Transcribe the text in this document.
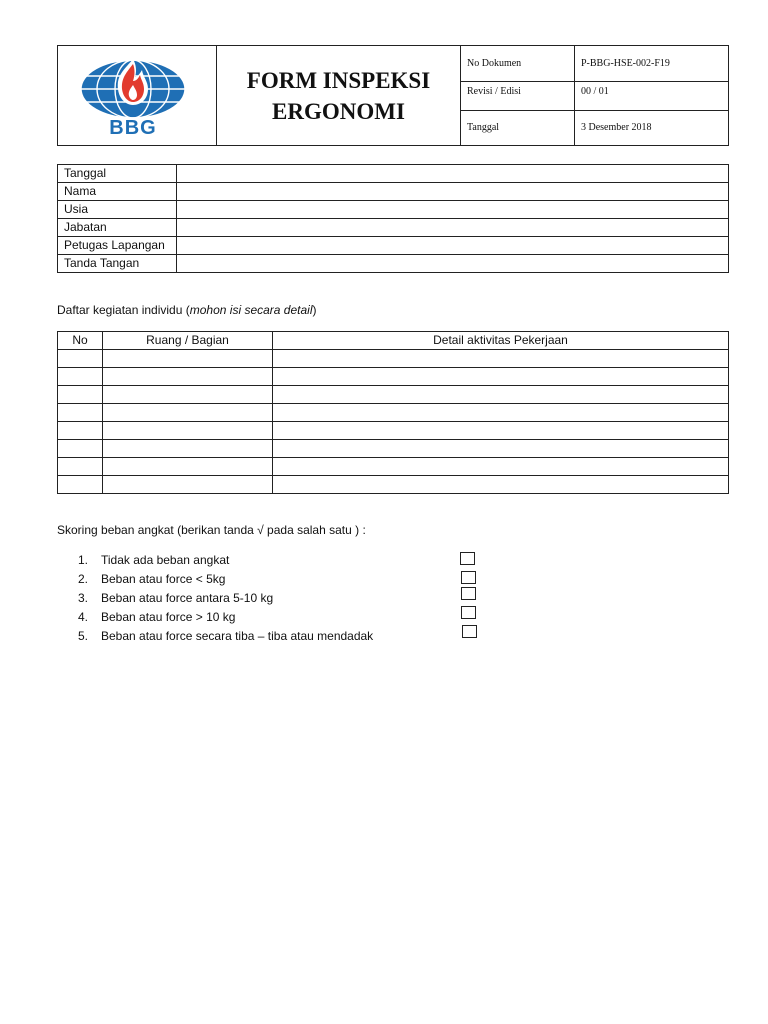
BBG	FORM INSPEKSI
ERGONOMI	No Dokumen	P-BBG-HSE-002-F19
		Revisi / Edisi	00 / 01
		Tanggal	3 Desember 2018
Tanggal	
Nama	
Usia	
Jabatan	
Petugas Lapangan	
Tanda Tangan	
Daftar kegiatan individu (mohon isi secara detail)
No	Ruang / Bagian	Detail aktivitas Pekerjaan

Skoring beban angkat (berikan tanda √ pada salah satu ) :
1. Tidak ada beban angkat
2. Beban atau force < 5kg
3. Beban atau force antara 5-10 kg
4. Beban atau force > 10 kg
5. Beban atau force secara tiba – tiba atau mendadak
